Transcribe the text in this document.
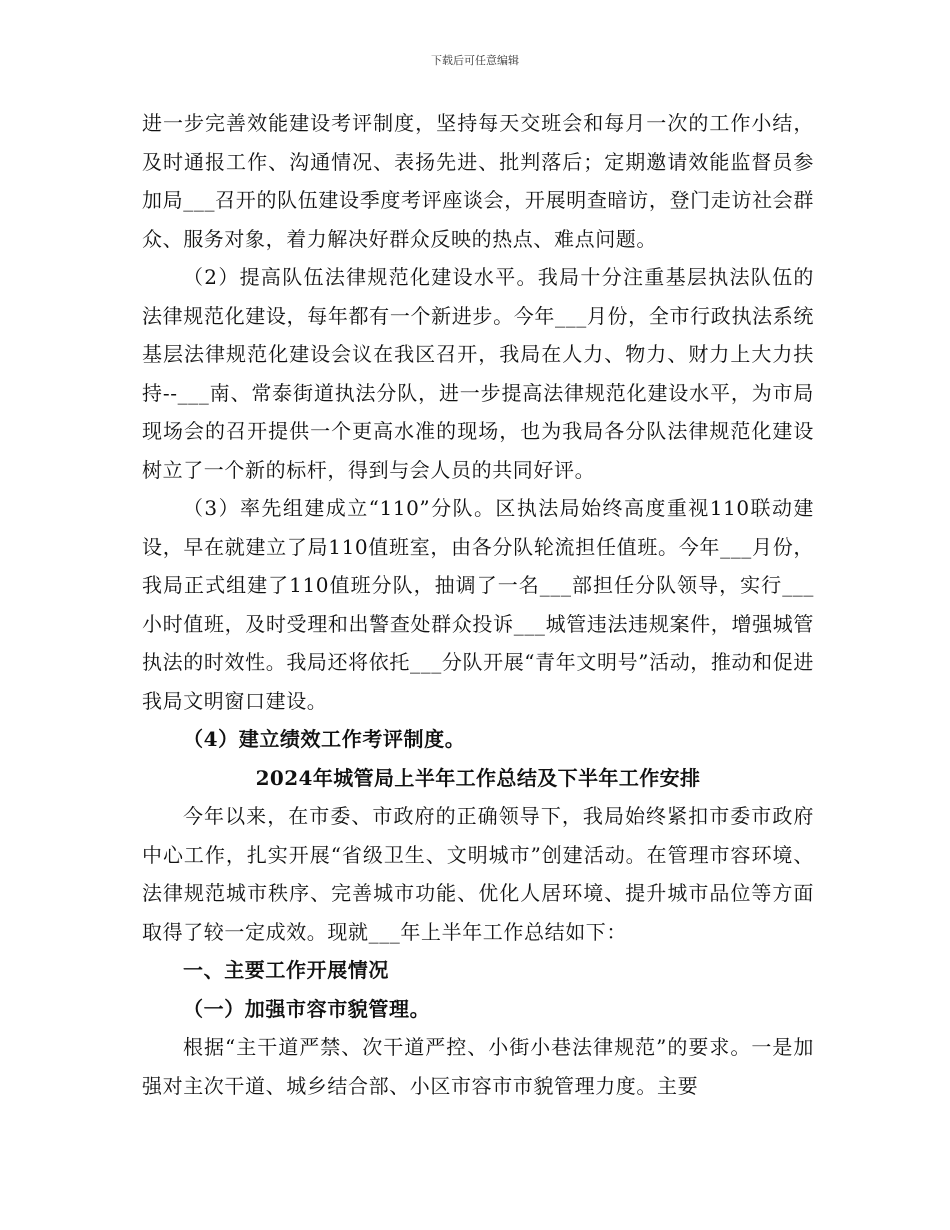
下载后可任意编辑

进一步完善效能建设考评制度，坚持每天交班会和每月一次的工作小结，及时通报工作、沟通情况、表扬先进、批判落后；定期邀请效能监督员参加局___召开的队伍建设季度考评座谈会，开展明查暗访，登门走访社会群众、服务对象，着力解决好群众反映的热点、难点问题。

（2）提高队伍法律规范化建设水平。我局十分注重基层执法队伍的法律规范化建设，每年都有一个新进步。今年___月份，全市行政执法系统基层法律规范化建设会议在我区召开，我局在人力、物力、财力上大力扶持--___南、常泰街道执法分队，进一步提高法律规范化建设水平，为市局现场会的召开提供一个更高水准的现场，也为我局各分队法律规范化建设树立了一个新的标杆，得到与会人员的共同好评。

（3）率先组建成立“110”分队。区执法局始终高度重视110联动建设，早在就建立了局110值班室，由各分队轮流担任值班。今年___月份，我局正式组建了110值班分队，抽调了一名___部担任分队领导，实行___小时值班，及时受理和出警查处群众投诉___城管违法违规案件，增强城管执法的时效性。我局还将依托___分队开展“青年文明号”活动，推动和促进我局文明窗口建设。

（4）建立绩效工作考评制度。

2024年城管局上半年工作总结及下半年工作安排

今年以来，在市委、市政府的正确领导下，我局始终紧扣市委市政府中心工作，扎实开展“省级卫生、文明城市”创建活动。在管理市容环境、法律规范城市秩序、完善城市功能、优化人居环境、提升城市品位等方面取得了较一定成效。现就___年上半年工作总结如下：

一、主要工作开展情况

（一）加强市容市貌管理。

根据“主干道严禁、次干道严控、小街小巷法律规范”的要求。一是加强对主次干道、城乡结合部、小区市容市市貌管理力度。主要
